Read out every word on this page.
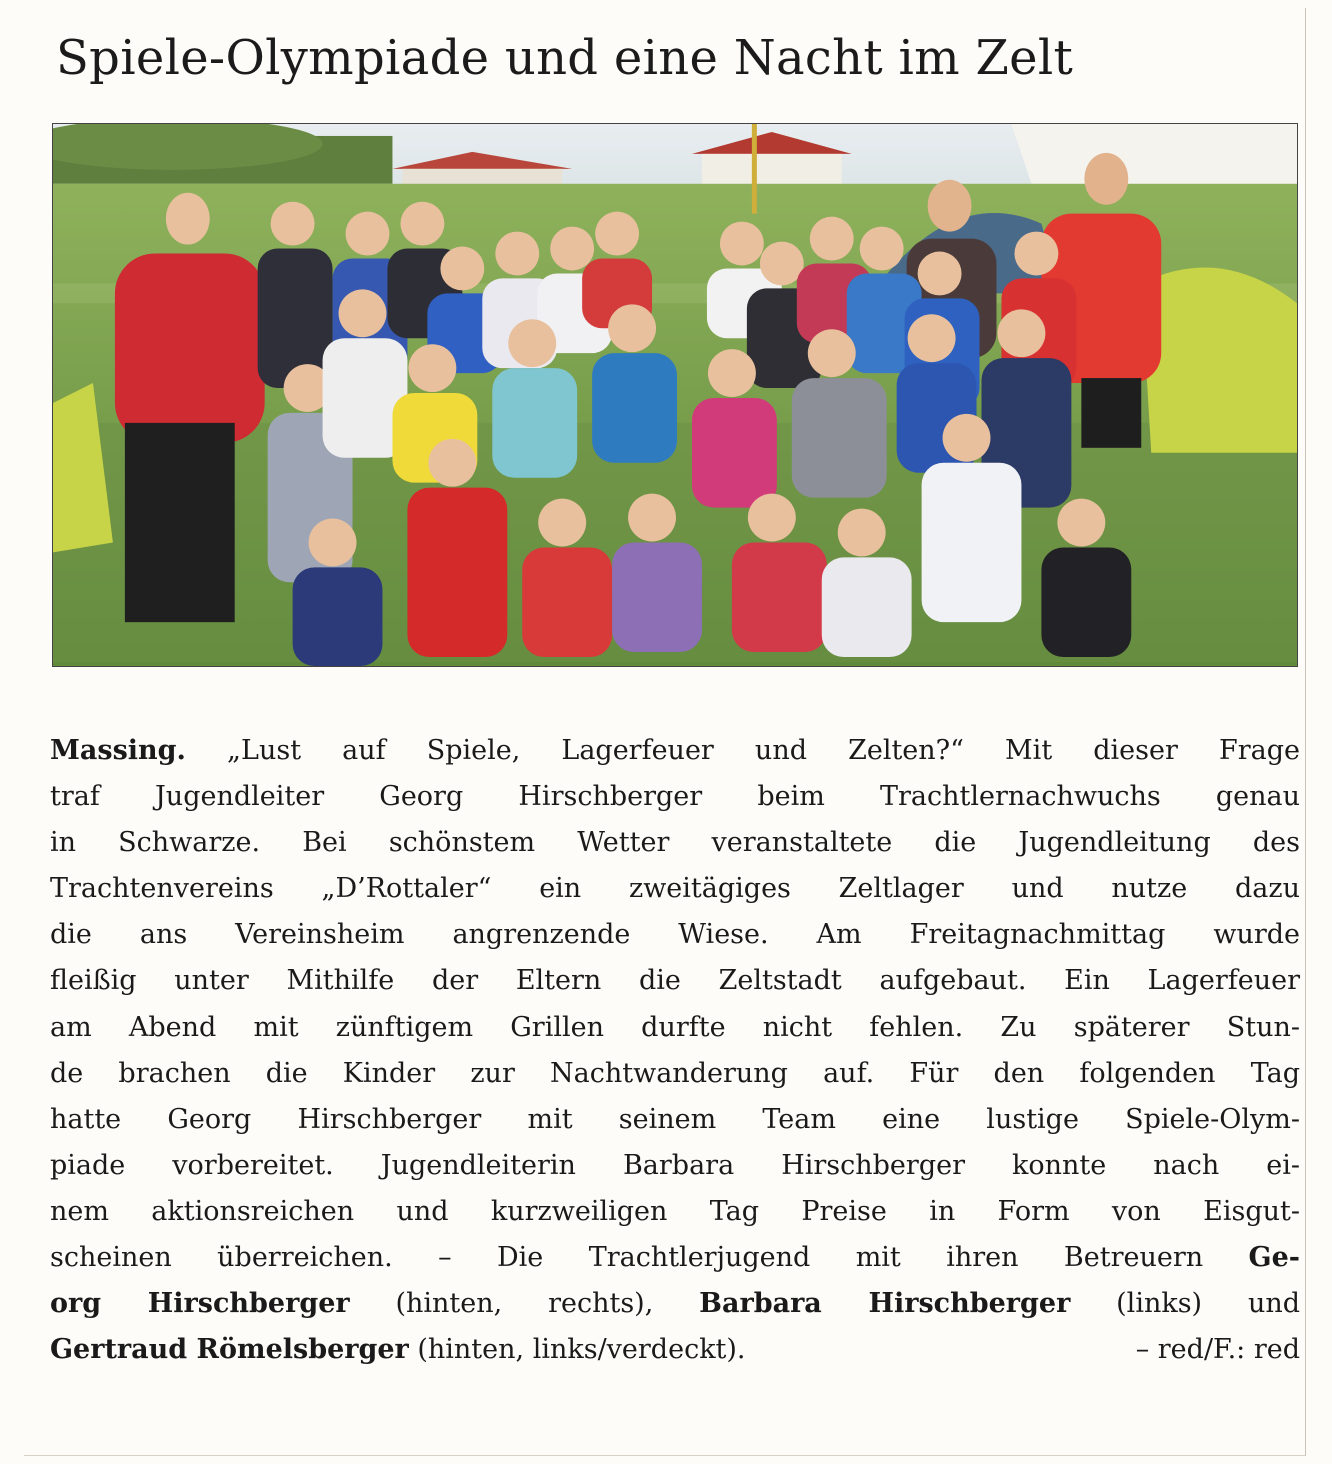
Spiele-Olympiade und eine Nacht im Zelt
Massing. „Lust auf Spiele, Lagerfeuer und Zelten?“ Mit dieser Frage
traf Jugendleiter Georg Hirschberger beim Trachtlernachwuchs genau
in Schwarze. Bei schönstem Wetter veranstaltete die Jugendleitung des
Trachtenvereins „D’Rottaler“ ein zweitägiges Zeltlager und nutze dazu
die ans Vereinsheim angrenzende Wiese. Am Freitagnachmittag wurde
fleißig unter Mithilfe der Eltern die Zeltstadt aufgebaut. Ein Lagerfeuer
am Abend mit zünftigem Grillen durfte nicht fehlen. Zu späterer Stun-
de brachen die Kinder zur Nachtwanderung auf. Für den folgenden Tag
hatte Georg Hirschberger mit seinem Team eine lustige Spiele-Olym-
piade vorbereitet. Jugendleiterin Barbara Hirschberger konnte nach ei-
nem aktionsreichen und kurzweiligen Tag Preise in Form von Eisgut-
scheinen überreichen. – Die Trachtlerjugend mit ihren Betreuern Ge-
org Hirschberger (hinten, rechts), Barbara Hirschberger (links) und
Gertraud Römelsberger (hinten, links/verdeckt).	– red/F.: red
